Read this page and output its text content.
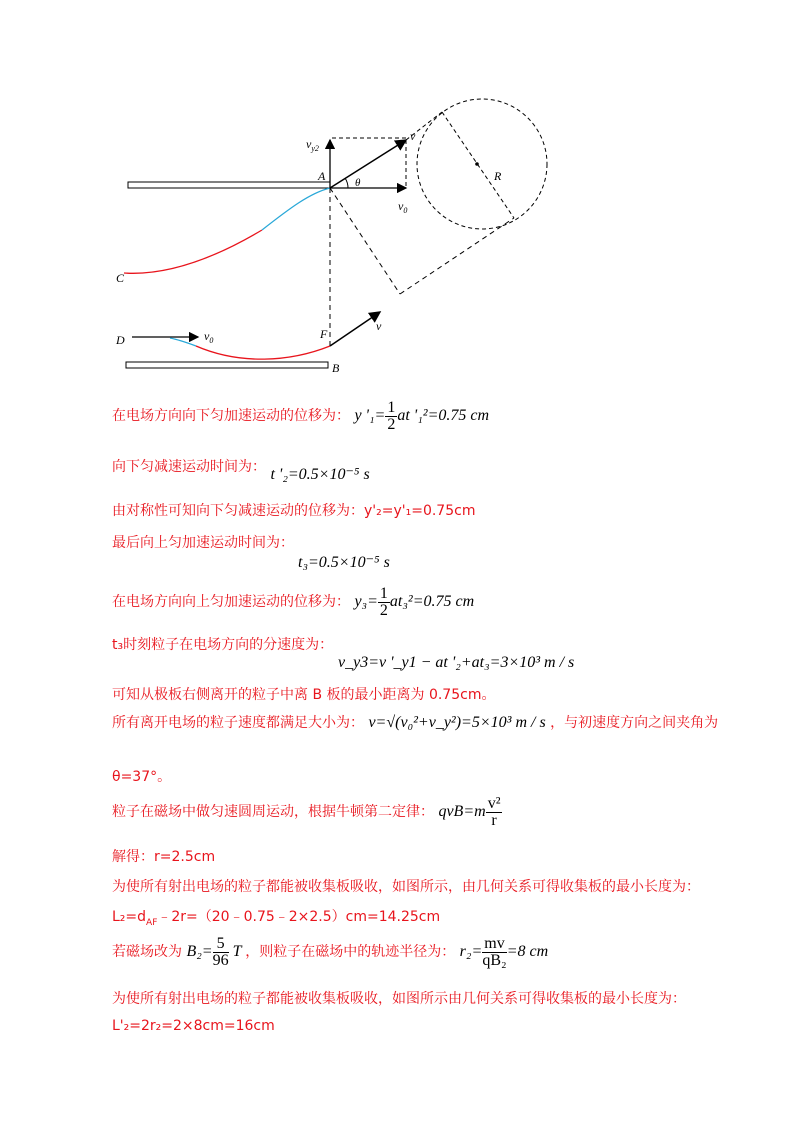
A
B
C
D	F
$v_{y2}$
v
θ
$v_0$
R
$v_0$
v
在电场方向向下匀加速运动的位移为： y '$_1= \frac{1}{2}$ at '₁²=0.75 cm
向下匀减速运动时间为： t '₂=0.5×10⁻⁵ s
由对称性可知向下匀减速运动的位移为：y'₂=y'₁=0.75cm
最后向上匀加速运动时间为：
t₃=0.5×10⁻⁵ s
在电场方向向上匀加速运动的位移为： $y_3= \frac{1}{2} at_3^2=0.75$ cm
t₃时刻粒子在电场方向的分速度为：
v_y3=v '_y1 − at '₂+at₃=3×10³ m / s
可知从极板右侧离开的粒子中离 B 板的最小距离为 0.75cm。
所有离开电场的粒子速度都满足大小为： v=√(v₀²+v_y²)=5×10³ m / s ，与初速度方向之间夹角为
θ=37°。
粒子在磁场中做匀速圆周运动，根据牛顿第二定律： $qvB=m \frac{\text{v²}}{r}$
解得：r=2.5cm
为使所有射出电场的粒子都能被收集板吸收，如图所示，由几何关系可得收集板的最小长度为：
$L_2=d_{AF}﹣2r=(20﹣0.75﹣2\times 2.5)cm=14.25cm$
若磁场改为 $B_2= \frac{5}{96}$ T ，则粒子在磁场中的轨迹半径为： $r_2= \frac{mv}{\text{qB₂}} =8$ cm
为使所有射出电场的粒子都能被收集板吸收，如图所示由几何关系可得收集板的最小长度为：
L'₂=2r₂=2×8cm=16cm
